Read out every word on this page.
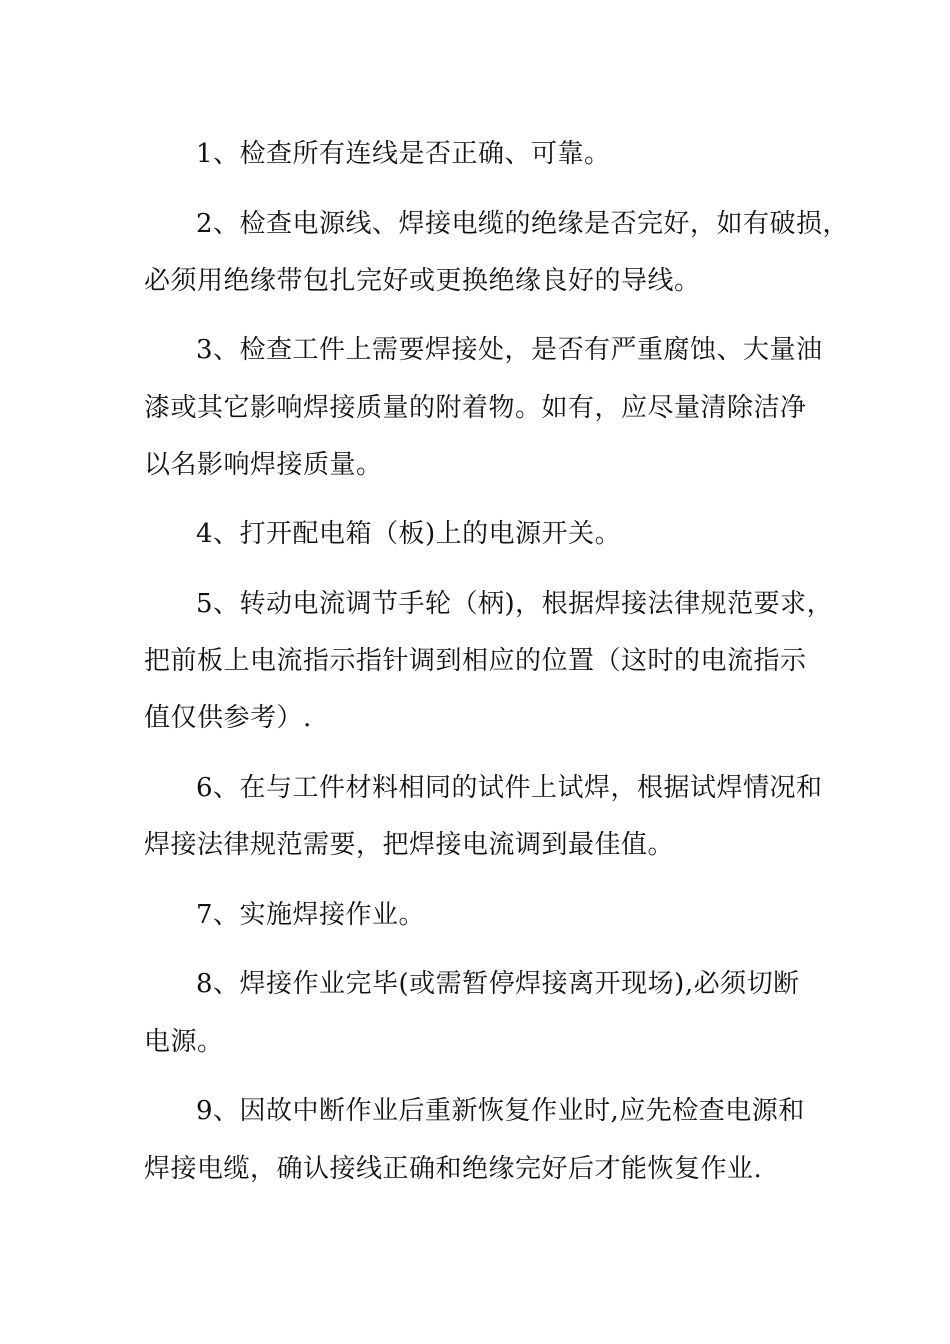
1、检查所有连线是否正确、可靠。
2、检查电源线、焊接电缆的绝缘是否完好，如有破损，
必须用绝缘带包扎完好或更换绝缘良好的导线。
3、检查工件上需要焊接处，是否有严重腐蚀、大量油
漆或其它影响焊接质量的附着物。如有，应尽量清除洁净
以名影响焊接质量。
4、打开配电箱（板)上的电源开关。
5、转动电流调节手轮（柄)，根据焊接法律规范要求，
把前板上电流指示指针调到相应的位置（这时的电流指示
值仅供参考）.
6、在与工件材料相同的试件上试焊，根据试焊情况和
焊接法律规范需要，把焊接电流调到最佳值。
7、实施焊接作业。
8、焊接作业完毕(或需暂停焊接离开现场),必须切断
电源。
9、因故中断作业后重新恢复作业时,应先检查电源和
焊接电缆，确认接线正确和绝缘完好后才能恢复作业.
